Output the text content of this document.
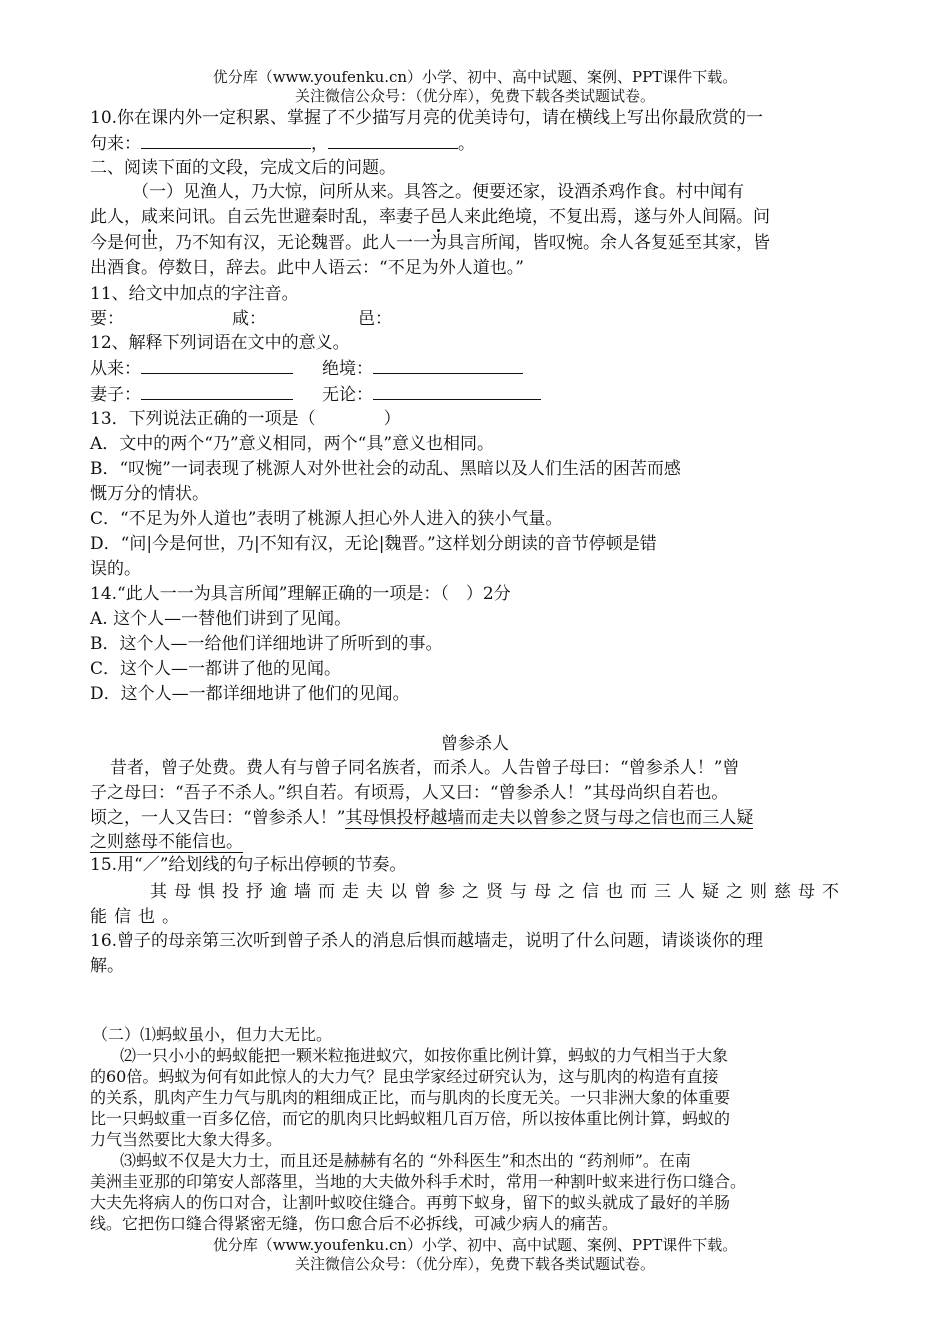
优分库（www.youfenku.cn）小学、初中、高中试题、案例、PPT课件下载。
关注微信公众号：（优分库），免费下载各类试题试卷。
10.你在课内外一定积累、掌握了不少描写月亮的优美诗句，请在横线上写出你最欣赏的一
句来：	，	。
二、阅读下面的文段，完成文后的问题。
（一）见渔人，乃大惊，问所从来。具答之。便要还家，设酒杀鸡作食。村中闻有
此人，咸来问讯。自云先世避秦时乱，率妻子邑人来此绝境，不复出焉，遂与外人间隔。问
今是何世，乃不知有汉，无论魏晋。此人一一为具言所闻，皆叹惋。余人各复延至其家，皆
出酒食。停数日，辞去。此中人语云：“不足为外人道也。”
11、给文中加点的字注音。
要：	咸：	邑：
12、解释下列词语在文中的意义。
从来：	绝境：
妻子：	无论：
13．下列说法正确的一项是（　　　　）
A．文中的两个“乃”意义相同，两个“具”意义也相同。
B．“叹惋”一词表现了桃源人对外世社会的动乱、黑暗以及人们生活的困苦而感
慨万分的情状。
C．“不足为外人道也”表明了桃源人担心外人进入的狭小气量。
D．“问|今是何世，乃|不知有汉，无论|魏晋。”这样划分朗读的音节停顿是错
误的。
14.“此人一一为具言所闻”理解正确的一项是：（　）2分
A. 这个人—一替他们讲到了见闻。
B．这个人—一给他们详细地讲了所听到的事。
C．这个人—一都讲了他的见闻。
D．这个人—一都详细地讲了他们的见闻。
曾参杀人
昔者，曾子处费。费人有与曾子同名族者，而杀人。人告曾子母曰：“曾参杀人！”曾
子之母曰：“吾子不杀人。”织自若。有顷焉，人又曰：“曾参杀人！”其母尚织自若也。
顷之，一人又告曰：“曾参杀人！”其母惧投杼越墙而走夫以曾参之贤与母之信也而三人疑
之则慈母不能信也。
15.用“／”给划线的句子标出停顿的节奏。
其母惧投抒逾墙而走夫以曾参之贤与母之信也而三人疑之则慈母不
能信也。
16.曾子的母亲第三次听到曾子杀人的消息后惧而越墙走，说明了什么问题，请谈谈你的理
解。
（二）⑴蚂蚁虽小，但力大无比。
⑵一只小小的蚂蚁能把一颗米粒拖进蚁穴，如按你重比例计算，蚂蚁的力气相当于大象
的60倍。蚂蚁为何有如此惊人的大力气？昆虫学家经过研究认为，这与肌肉的构造有直接
的关系，肌肉产生力气与肌肉的粗细成正比，而与肌肉的长度无关。一只非洲大象的体重要
比一只蚂蚁重一百多亿倍，而它的肌肉只比蚂蚁粗几百万倍，所以按体重比例计算，蚂蚁的
力气当然要比大象大得多。
⑶蚂蚁不仅是大力士，而且还是赫赫有名的 “外科医生”和杰出的 “药剂师”。在南
美洲圭亚那的印第安人部落里，当地的大夫做外科手术时，常用一种割叶蚁来进行伤口缝合。
大夫先将病人的伤口对合，让割叶蚁咬住缝合。再剪下蚁身，留下的蚁头就成了最好的羊肠
线。它把伤口缝合得紧密无缝，伤口愈合后不必拆线，可减少病人的痛苦。
优分库（www.youfenku.cn）小学、初中、高中试题、案例、PPT课件下载。
关注微信公众号：（优分库），免费下载各类试题试卷。
